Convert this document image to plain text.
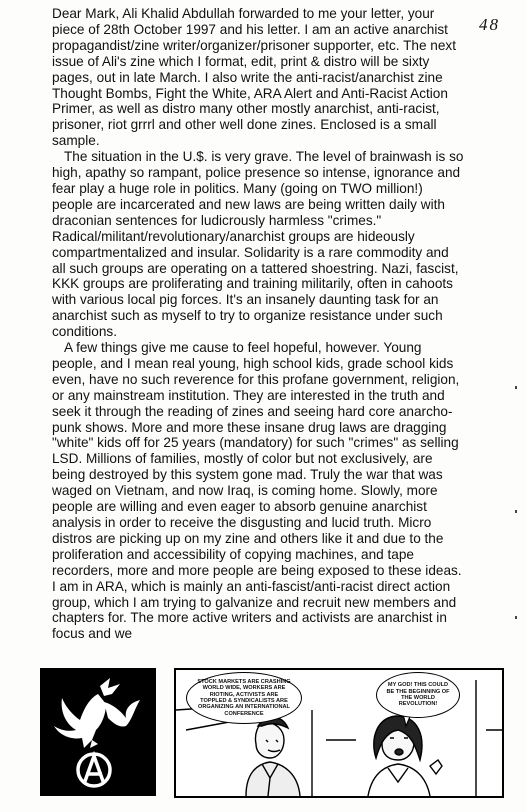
48

Dear Mark, Ali Khalid Abdullah forwarded to me your letter, your piece of 28th October 1997 and his letter. I am an active anarchist propagandist/zine writer/organizer/prisoner supporter, etc. The next issue of Ali's zine which I format, edit, print & distro will be sixty pages, out in late March. I also write the anti-racist/anarchist zine Thought Bombs, Fight the White, ARA Alert and Anti-Racist Action Primer, as well as distro many other mostly anarchist, anti-racist, prisoner, riot grrrl and other well done zines. Enclosed is a small sample.

The situation in the U.$. is very grave. The level of brainwash is so high, apathy so rampant, police presence so intense, ignorance and fear play a huge role in politics. Many (going on TWO million!) people are incarcerated and new laws are being written daily with draconian sentences for ludicrously harmless "crimes." Radical/militant/revolutionary/anarchist groups are hideously compartmentalized and insular. Solidarity is a rare commodity and all such groups are operating on a tattered shoestring. Nazi, fascist, KKK groups are proliferating and training militarily, often in cahoots with various local pig forces. It's an insanely daunting task for an anarchist such as myself to try to organize resistance under such conditions.

A few things give me cause to feel hopeful, however. Young people, and I mean real young, high school kids, grade school kids even, have no such reverence for this profane government, religion, or any mainstream institution. They are interested in the truth and seek it through the reading of zines and seeing hard core anarcho-punk shows. More and more these insane drug laws are dragging "white" kids off for 25 years (mandatory) for such "crimes" as selling LSD. Millions of families, mostly of color but not exclusively, are being destroyed by this system gone mad. Truly the war that was waged on Vietnam, and now Iraq, is coming home. Slowly, more people are willing and even eager to absorb genuine anarchist analysis in order to receive the disgusting and lucid truth. Micro distros are picking up on my zine and others like it and due to the proliferation and accessibility of copying machines, and tape recorders, more and more people are being exposed to these ideas. I am in ARA, which is mainly an anti-fascist/anti-racist direct action group, which I am trying to galvanize and recruit new members and chapters for. The more active writers and activists are anarchist in focus and we

STOCK MARKETS ARE CRASHING WORLD WIDE, WORKERS ARE RIOTING, ACTIVISTS ARE TOPPLED & SYNDICALISTS ARE ORGANIZING AN INTERNATIONAL CONFERENCE
MY GOD! THIS COULD BE THE BEGINNING OF THE WORLD REVOLUTION!
